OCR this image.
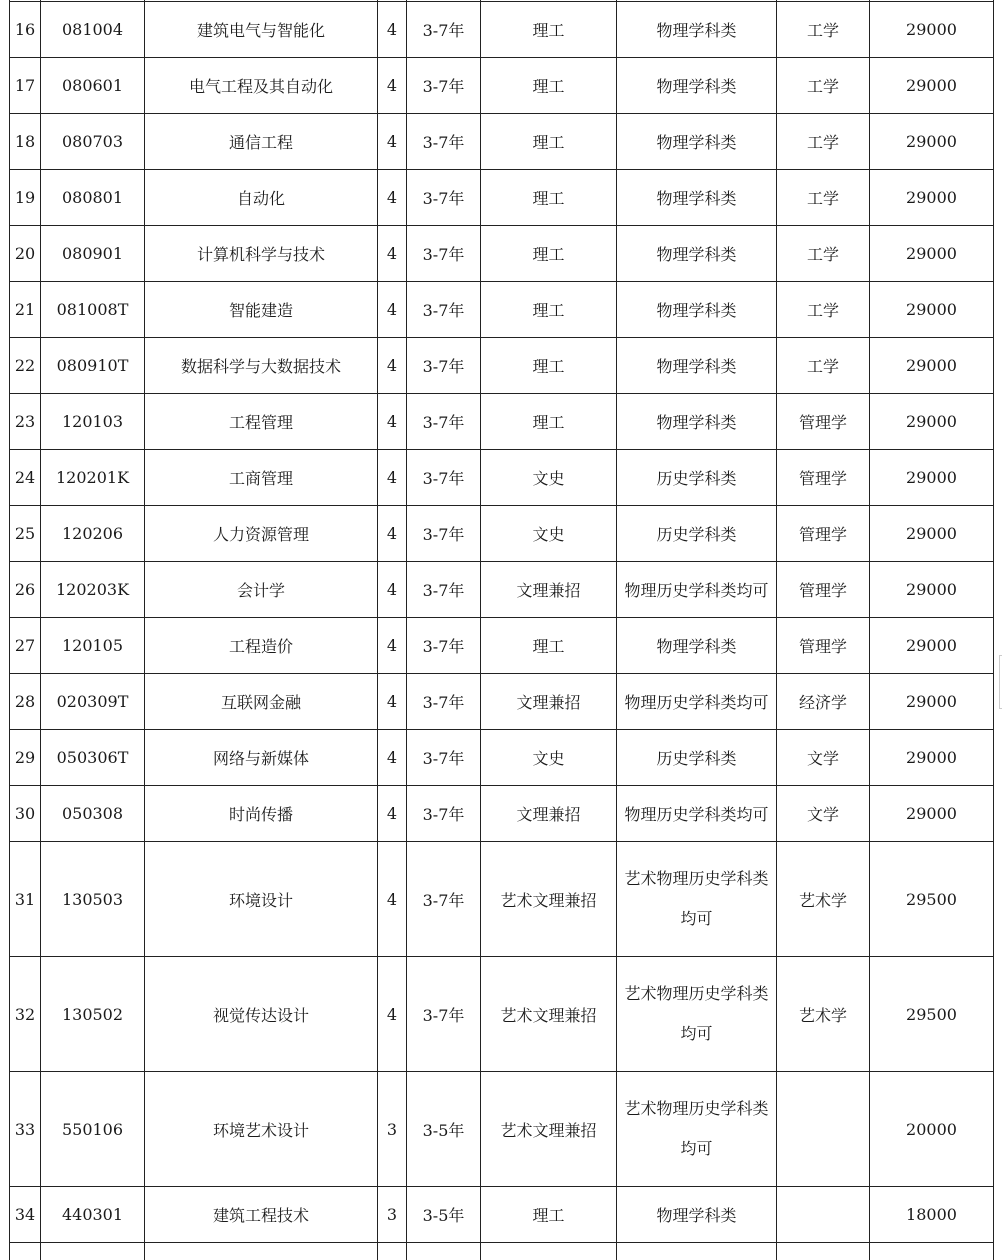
16	081004	建筑电气与智能化	4	3-7年	理工	物理学科类	工学	29000
17	080601	电气工程及其自动化	4	3-7年	理工	物理学科类	工学	29000
18	080703	通信工程	4	3-7年	理工	物理学科类	工学	29000
19	080801	自动化	4	3-7年	理工	物理学科类	工学	29000
20	080901	计算机科学与技术	4	3-7年	理工	物理学科类	工学	29000
21	081008T	智能建造	4	3-7年	理工	物理学科类	工学	29000
22	080910T	数据科学与大数据技术	4	3-7年	理工	物理学科类	工学	29000
23	120103	工程管理	4	3-7年	理工	物理学科类	管理学	29000
24	120201K	工商管理	4	3-7年	文史	历史学科类	管理学	29000
25	120206	人力资源管理	4	3-7年	文史	历史学科类	管理学	29000
26	120203K	会计学	4	3-7年	文理兼招	物理历史学科类均可	管理学	29000
27	120105	工程造价	4	3-7年	理工	物理学科类	管理学	29000
28	020309T	互联网金融	4	3-7年	文理兼招	物理历史学科类均可	经济学	29000
29	050306T	网络与新媒体	4	3-7年	文史	历史学科类	文学	29000
30	050308	时尚传播	4	3-7年	文理兼招	物理历史学科类均可	文学	29000
31	130503	环境设计	4	3-7年	艺术文理兼招	艺术物理历史学科类均可	艺术学	29500
32	130502	视觉传达设计	4	3-7年	艺术文理兼招	艺术物理历史学科类均可	艺术学	29500
33	550106	环境艺术设计	3	3-5年	艺术文理兼招	艺术物理历史学科类均可		20000
34	440301	建筑工程技术	3	3-5年	理工	物理学科类		18000
